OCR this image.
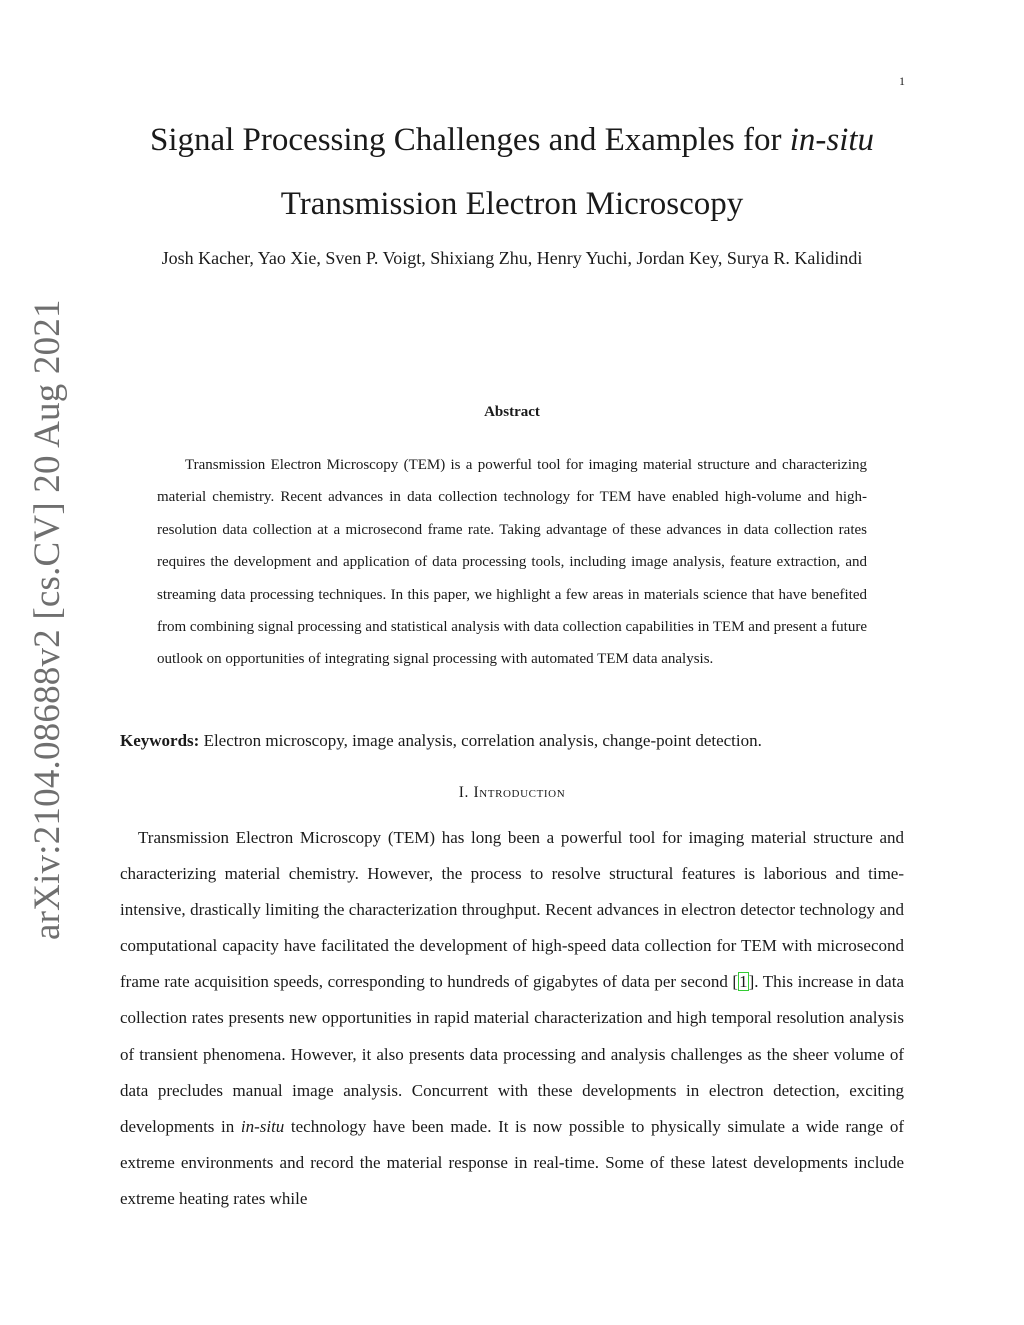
1
arXiv:2104.08688v2 [cs.CV] 20 Aug 2021
Signal Processing Challenges and Examples for in-situ
Transmission Electron Microscopy
Josh Kacher, Yao Xie, Sven P. Voigt, Shixiang Zhu, Henry Yuchi, Jordan Key, Surya R. Kalidindi
Abstract

Transmission Electron Microscopy (TEM) is a powerful tool for imaging material structure and characterizing material chemistry. Recent advances in data collection technology for TEM have enabled high-volume and high-resolution data collection at a microsecond frame rate. Taking advantage of these advances in data collection rates requires the development and application of data processing tools, including image analysis, feature extraction, and streaming data processing techniques. In this paper, we highlight a few areas in materials science that have benefited from combining signal processing and statistical analysis with data collection capabilities in TEM and present a future outlook on opportunities of integrating signal processing with automated TEM data analysis.

Keywords: Electron microscopy, image analysis, correlation analysis, change-point detection.
I. Introduction

Transmission Electron Microscopy (TEM) has long been a powerful tool for imaging material structure and characterizing material chemistry. However, the process to resolve structural features is laborious and time-intensive, drastically limiting the characterization throughput. Recent advances in electron detector technology and computational capacity have facilitated the development of high-speed data collection for TEM with microsecond frame rate acquisition speeds, corresponding to hundreds of gigabytes of data per second [1]. This increase in data collection rates presents new opportunities in rapid material characterization and high temporal resolution analysis of transient phenomena. However, it also presents data processing and analysis challenges as the sheer volume of data precludes manual image analysis. Concurrent with these developments in electron detection, exciting developments in in-situ technology have been made. It is now possible to physically simulate a wide range of extreme environments and record the material response in real-time. Some of these latest developments include extreme heating rates while
